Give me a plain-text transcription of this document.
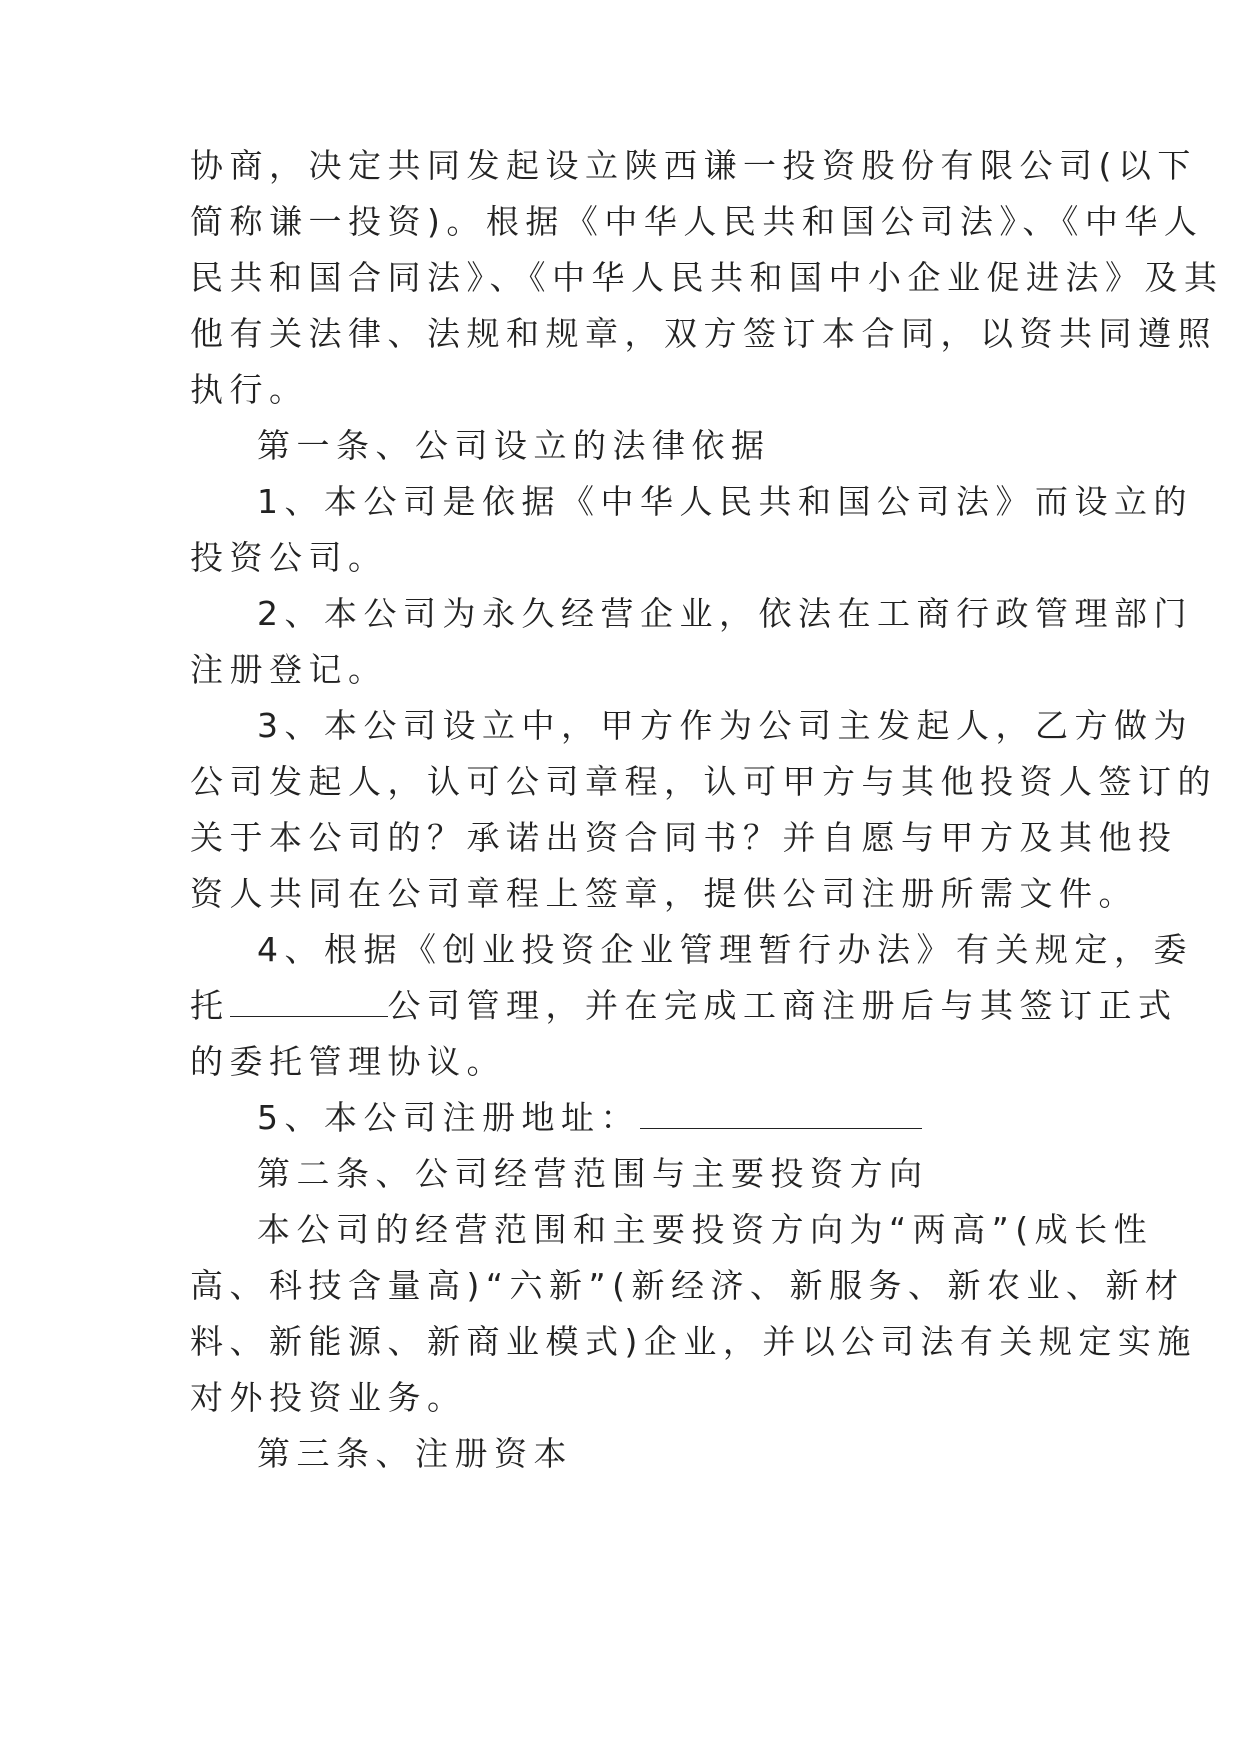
协商，决定共同发起设立陕西谦一投资股份有限公司(以下
简称谦一投资)。根据《中华人民共和国公司法》、《中华人
民共和国合同法》、《中华人民共和国中小企业促进法》及其
他有关法律、法规和规章，双方签订本合同，以资共同遵照
执行。
第一条、公司设立的法律依据
1、本公司是依据《中华人民共和国公司法》而设立的
投资公司。
2、本公司为永久经营企业，依法在工商行政管理部门
注册登记。
3、本公司设立中，甲方作为公司主发起人，乙方做为
公司发起人，认可公司章程，认可甲方与其他投资人签订的
关于本公司的？承诺出资合同书？并自愿与甲方及其他投
资人共同在公司章程上签章，提供公司注册所需文件。
4、根据《创业投资企业管理暂行办法》有关规定，委
托	公司管理，并在完成工商注册后与其签订正式
的委托管理协议。
5、本公司注册地址：
第二条、公司经营范围与主要投资方向
本公司的经营范围和主要投资方向为“两高”(成长性
高、科技含量高)“六新”(新经济、新服务、新农业、新材
料、新能源、新商业模式)企业，并以公司法有关规定实施
对外投资业务。
第三条、注册资本
